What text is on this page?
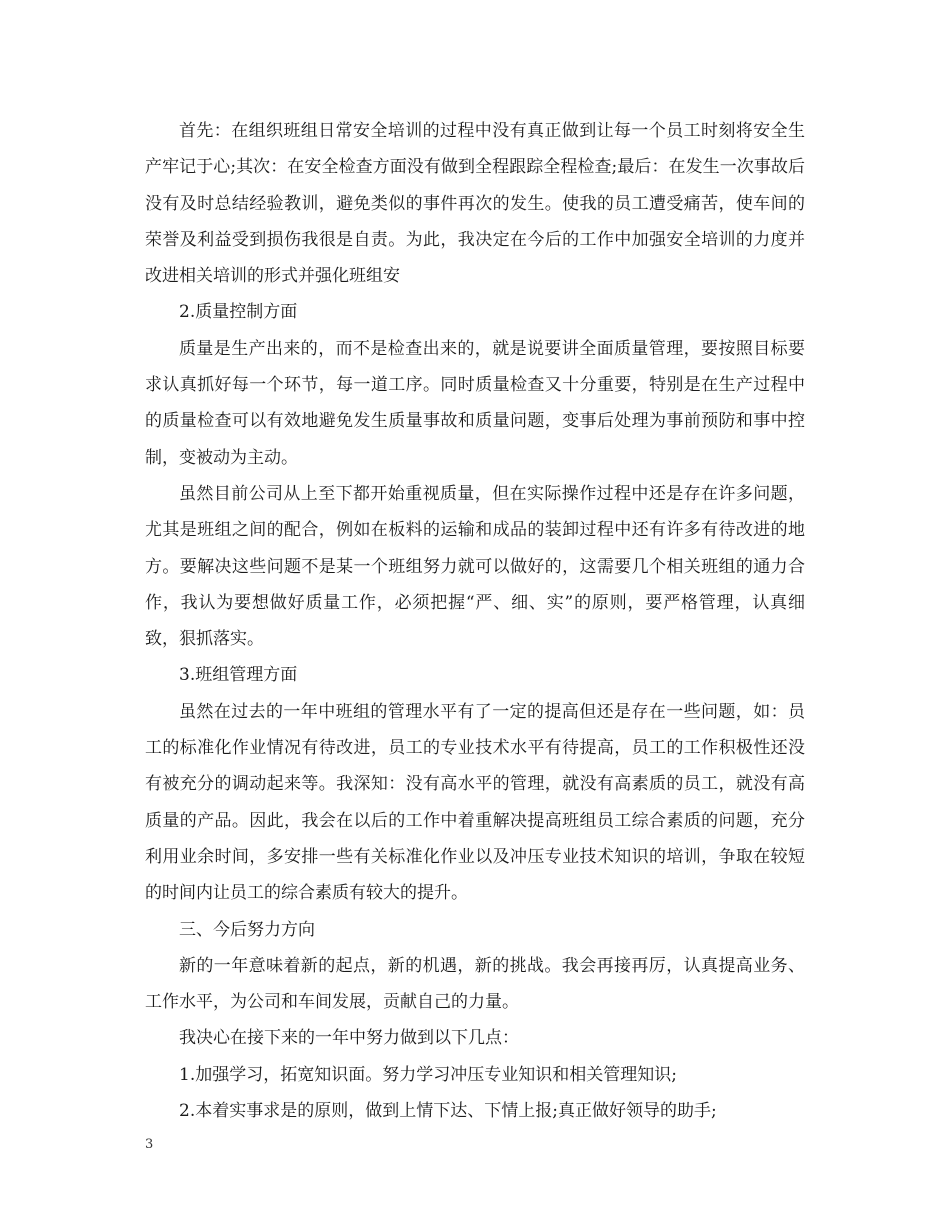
首先：在组织班组日常安全培训的过程中没有真正做到让每一个员工时刻将安全生产牢记于心;其次：在安全检查方面没有做到全程跟踪全程检查;最后：在发生一次事故后没有及时总结经验教训，避免类似的事件再次的发生。使我的员工遭受痛苦，使车间的荣誉及利益受到损伤我很是自责。为此，我决定在今后的工作中加强安全培训的力度并改进相关培训的形式并强化班组安

2.质量控制方面

质量是生产出来的，而不是检查出来的，就是说要讲全面质量管理，要按照目标要求认真抓好每一个环节，每一道工序。同时质量检查又十分重要，特别是在生产过程中的质量检查可以有效地避免发生质量事故和质量问题，变事后处理为事前预防和事中控制，变被动为主动。

虽然目前公司从上至下都开始重视质量，但在实际操作过程中还是存在许多问题，尤其是班组之间的配合，例如在板料的运输和成品的装卸过程中还有许多有待改进的地方。要解决这些问题不是某一个班组努力就可以做好的，这需要几个相关班组的通力合作，我认为要想做好质量工作，必须把握“严、细、实”的原则，要严格管理，认真细致，狠抓落实。

3.班组管理方面

虽然在过去的一年中班组的管理水平有了一定的提高但还是存在一些问题，如：员工的标准化作业情况有待改进，员工的专业技术水平有待提高，员工的工作积极性还没有被充分的调动起来等。我深知：没有高水平的管理，就没有高素质的员工，就没有高质量的产品。因此，我会在以后的工作中着重解决提高班组员工综合素质的问题，充分利用业余时间，多安排一些有关标准化作业以及冲压专业技术知识的培训，争取在较短的时间内让员工的综合素质有较大的提升。

三、今后努力方向

新的一年意味着新的起点，新的机遇，新的挑战。我会再接再厉，认真提高业务、工作水平，为公司和车间发展，贡献自己的力量。

我决心在接下来的一年中努力做到以下几点：

1.加强学习，拓宽知识面。努力学习冲压专业知识和相关管理知识;

2.本着实事求是的原则，做到上情下达、下情上报;真正做好领导的助手;

3
